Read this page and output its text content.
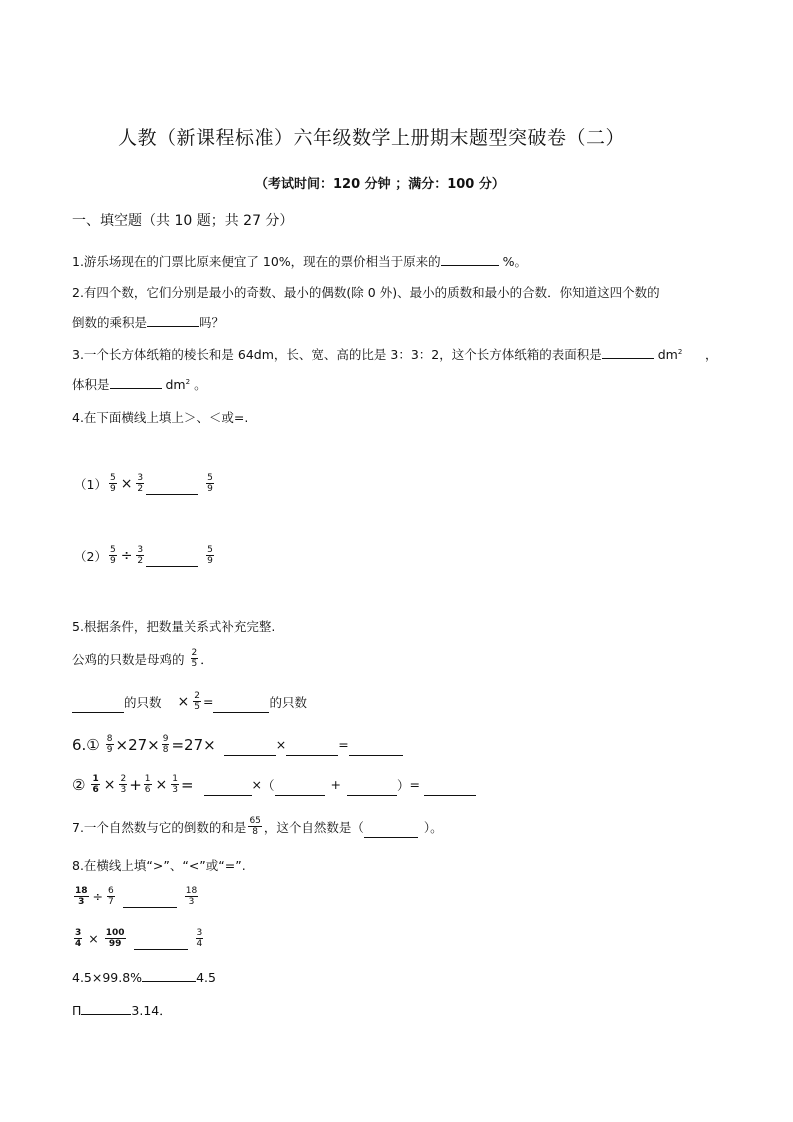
人教（新课程标准）六年级数学上册期末题型突破卷（二）
（考试时间：120 分钟 ；满分：100 分）
一、填空题（共 10 题；共 27 分）
1.游乐场现在的门票比原来便宜了 10%，现在的票价相当于原来的	%。
2.有四个数，它们分别是最小的奇数、最小的偶数(除 0 外)、最小的质数和最小的合数．你知道这四个数的
倒数的乘积是	吗？
3.一个长方体纸箱的棱长和是 64dm，长、宽、高的比是 3：3：2，这个长方体纸箱的表面积是	$dm^2$ ，
体积是	$dm^2$ 。
4.在下面横线上填上＞、＜或=.
$(1) \frac{5}{9} \times \frac{3}{2}$	$\frac{5}{9}$
$(2) \frac{5}{9} \div \frac{3}{2}$	$\frac{5}{9}$
5.根据条件，把数量关系式补充完整.
公鸡的只数是母鸡的 $\frac{2}{5}$ ．
的只数 × $\frac{2}{5}$ =	的只数
6.① $\frac{8}{9} \times 27\times \frac{9}{8} =27\times$	×	=
② $\frac{1}{6} \times \frac{2}{3} + \frac{1}{6} \times \frac{1}{3}$ =	× （	+	） =
7.一个自然数与它的倒数的和是 $\frac{65}{8}$ ，这个自然数是（	）。
8.在横线上填“>”、“<”或“=”.
$\frac{18}{3} \div \frac{6}{7}$	$\frac{18}{3}$
$\frac{3}{4} \times \frac{100}{99}$	$\frac{3}{4}$
4.5×99.8%	4.5
Π	3.14．
